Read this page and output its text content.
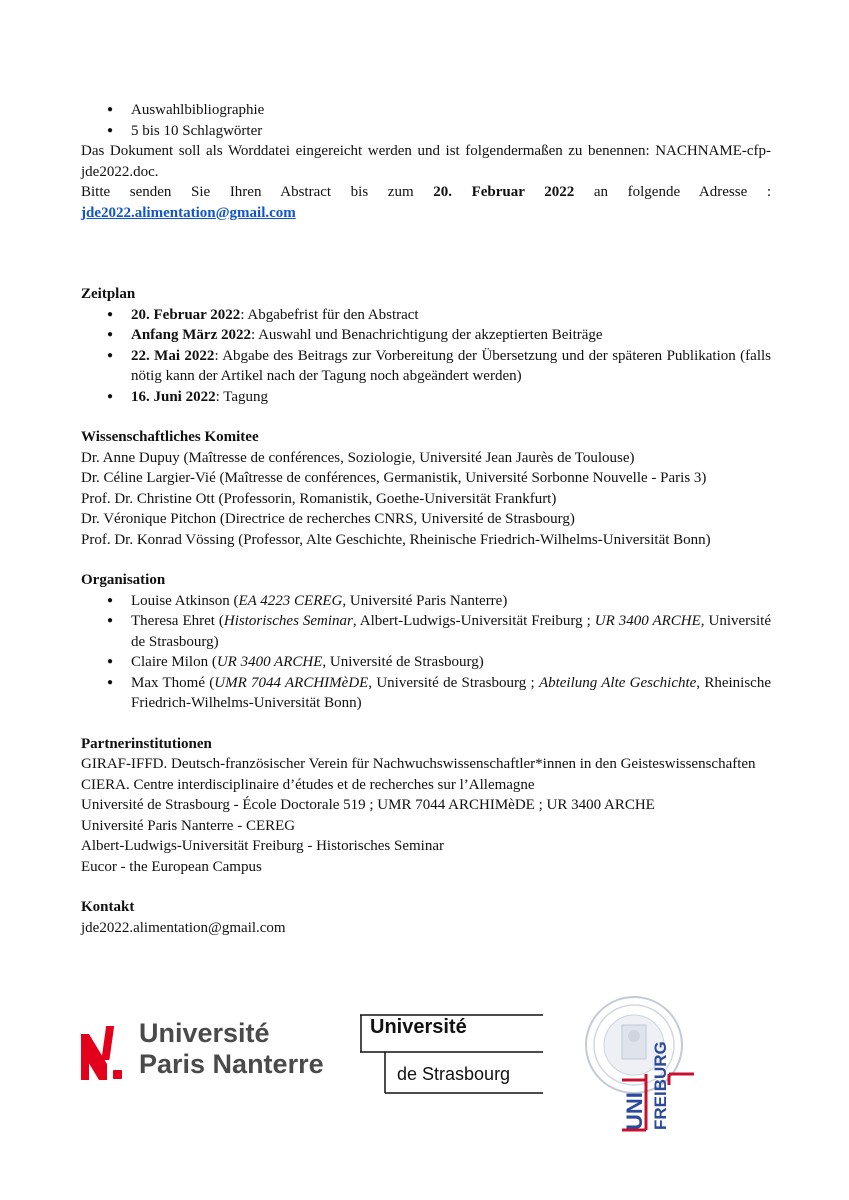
● Auswahlbibliographie
● 5 bis 10 Schlagwörter
Das Dokument soll als Worddatei eingereicht werden und ist folgendermaßen zu benennen: NACHNAME-cfp-
jde2022.doc.
Bitte senden Sie Ihren Abstract bis zum 20. Februar 2022 an folgende Adresse :
jde2022.alimentation@gmail.com
Zeitplan
● 20. Februar 2022: Abgabefrist für den Abstract
● Anfang März 2022: Auswahl und Benachrichtigung der akzeptierten Beiträge
● 22. Mai 2022: Abgabe des Beitrags zur Vorbereitung der Übersetzung und der späteren Publikation (falls nötig kann der Artikel nach der Tagung noch abgeändert werden)
● 16. Juni 2022: Tagung
Wissenschaftliches Komitee
Dr. Anne Dupuy (Maîtresse de conférences, Soziologie, Université Jean Jaurès de Toulouse)
Dr. Céline Largier-Vié (Maîtresse de conférences, Germanistik, Université Sorbonne Nouvelle - Paris 3)
Prof. Dr. Christine Ott (Professorin, Romanistik, Goethe-Universität Frankfurt)
Dr. Véronique Pitchon (Directrice de recherches CNRS, Université de Strasbourg)
Prof. Dr. Konrad Vössing (Professor, Alte Geschichte, Rheinische Friedrich-Wilhelms-Universität Bonn)
Organisation
● Louise Atkinson (EA 4223 CEREG, Université Paris Nanterre)
● Theresa Ehret (Historisches Seminar, Albert-Ludwigs-Universität Freiburg ; UR 3400 ARCHE, Université de Strasbourg)
● Claire Milon (UR 3400 ARCHE, Université de Strasbourg)
● Max Thomé (UMR 7044 ARCHIMèDE, Université de Strasbourg ; Abteilung Alte Geschichte, Rheinische Friedrich-Wilhelms-Universität Bonn)
Partnerinstitutionen
GIRAF-IFFD. Deutsch-französischer Verein für Nachwuchswissenschaftler*innen in den Geisteswissenschaften
CIERA. Centre interdisciplinaire d’études et de recherches sur l’Allemagne
Université de Strasbourg - École Doctorale 519 ; UMR 7044 ARCHIMèDE ; UR 3400 ARCHE
Université Paris Nanterre - CEREG
Albert-Ludwigs-Universität Freiburg - Historisches Seminar
Eucor - the European Campus
Kontakt
jde2022.alimentation@gmail.com
Université
Paris Nanterre
Université
de Strasbourg
UNI FREIBURG
